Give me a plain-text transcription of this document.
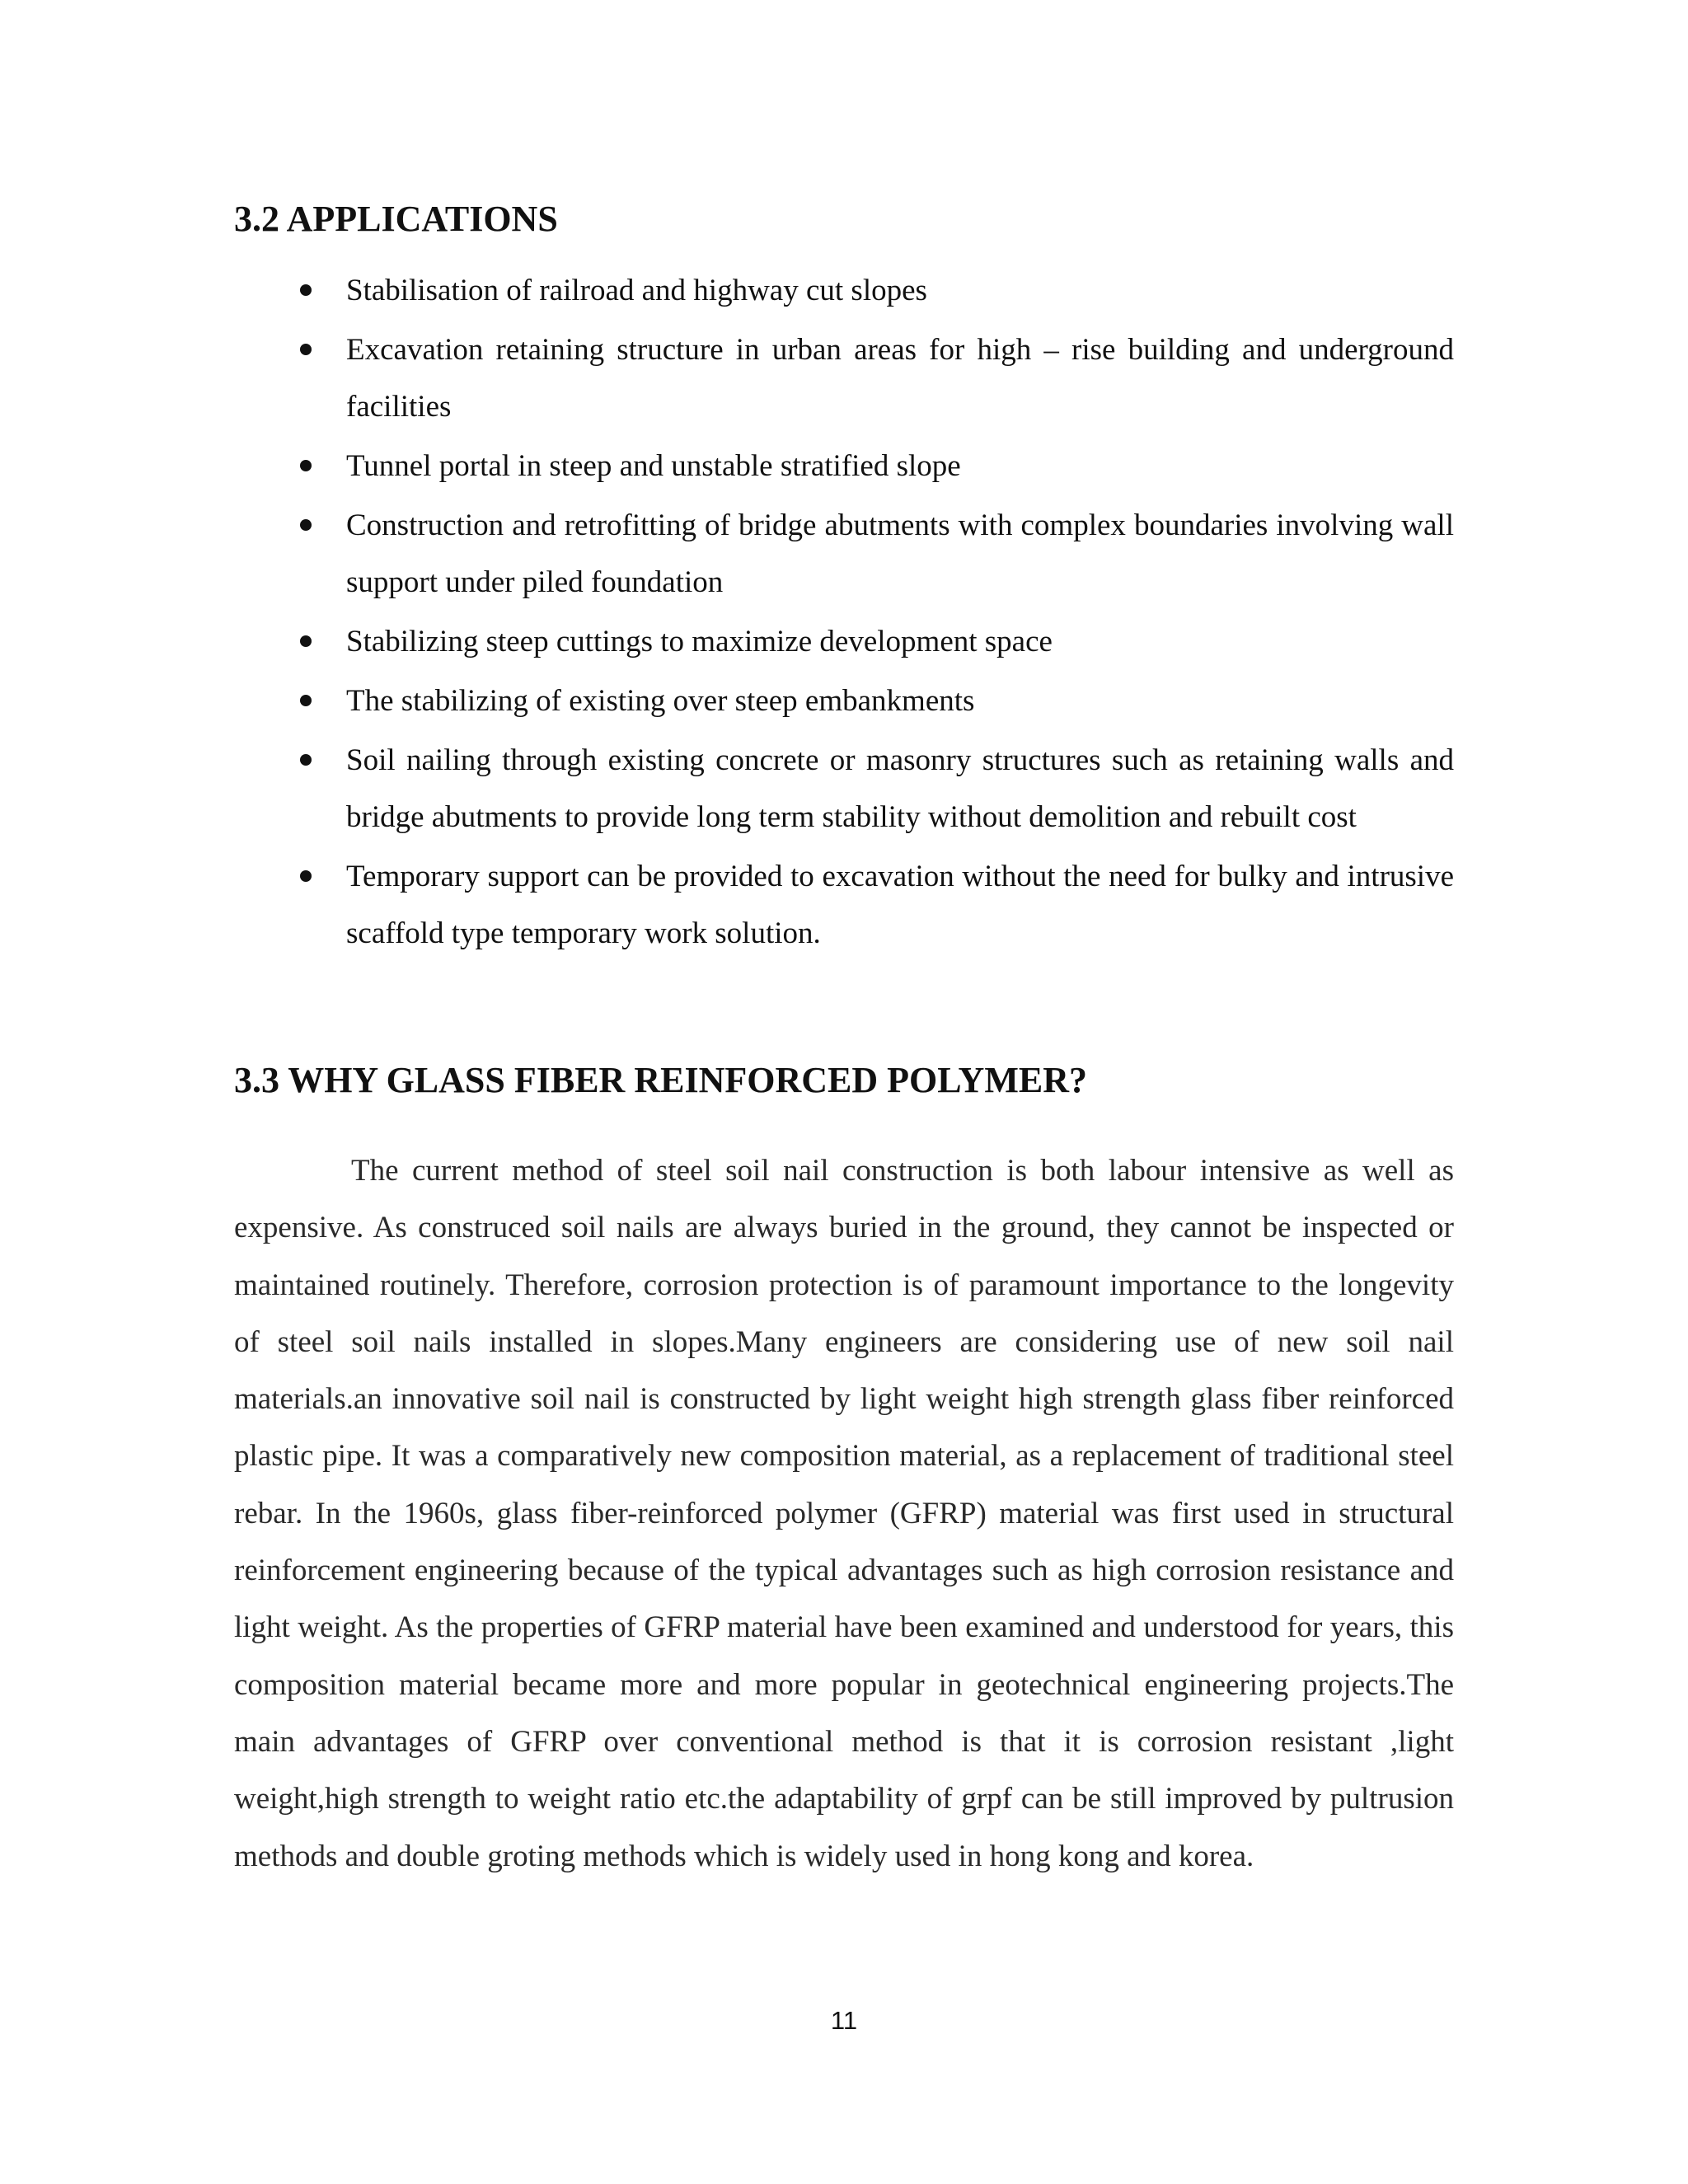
3.2 APPLICATIONS
Stabilisation of railroad and highway cut slopes
Excavation retaining structure in urban areas for high – rise building and underground facilities
Tunnel portal in steep and unstable stratified slope
Construction and retrofitting of bridge abutments with complex boundaries involving wall support under piled foundation
Stabilizing steep cuttings to maximize development space
The stabilizing of existing over steep embankments
Soil nailing through existing concrete or masonry structures such as retaining walls and bridge abutments to provide long term stability without demolition and rebuilt cost
Temporary support can be provided to excavation without the need for bulky and intrusive scaffold type temporary work solution.
3.3 WHY GLASS FIBER REINFORCED POLYMER?

The current method of steel soil nail construction is both labour intensive as well as expensive. As construced soil nails are always buried in the ground, they cannot be inspected or maintained routinely. Therefore, corrosion protection is of paramount importance to the longevity of steel soil nails installed in slopes.Many engineers are considering use of new soil nail materials.an innovative soil nail is constructed by light weight high strength glass fiber reinforced plastic pipe. It was a comparatively new composition material, as a replacement of traditional steel rebar. In the 1960s, glass fiber-reinforced polymer (GFRP) material was first used in structural reinforcement engineering because of the typical advantages such as high corrosion resistance and light weight. As the properties of GFRP material have been examined and understood for years, this composition material became more and more popular in geotechnical engineering projects.The main advantages of GFRP over conventional method is that it is corrosion resistant ,light weight,high strength to weight ratio etc.the adaptability of grpf can be still improved by pultrusion methods and double groting methods which is widely used in hong kong and korea.

11
